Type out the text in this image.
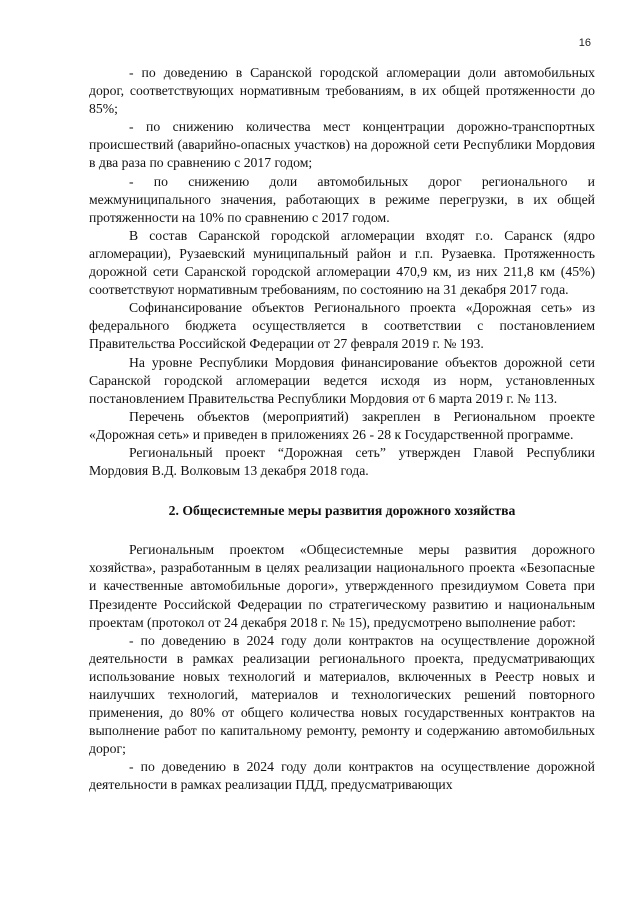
16

- по доведению в Саранской городской агломерации доли автомобильных дорог, соответствующих нормативным требованиям, в их общей протяженности до 85%;

- по снижению количества мест концентрации дорожно-транспортных происшествий (аварийно-опасных участков) на дорожной сети Республики Мордовия в два раза по сравнению с 2017 годом;

- по снижению доли автомобильных дорог регионального и межмуниципального значения, работающих в режиме перегрузки, в их общей протяженности на 10% по сравнению с 2017 годом.

В состав Саранской городской агломерации входят г.о. Саранск (ядро агломерации), Рузаевский муниципальный район и г.п. Рузаевка. Протяженность дорожной сети Саранской городской агломерации 470,9 км, из них 211,8 км (45%) соответствуют нормативным требованиям, по состоянию на 31 декабря 2017 года.

Софинансирование объектов Регионального проекта «Дорожная сеть» из федерального бюджета осуществляется в соответствии с постановлением Правительства Российской Федерации от 27 февраля 2019 г. № 193.

На уровне Республики Мордовия финансирование объектов дорожной сети Саранской городской агломерации ведется исходя из норм, установленных постановлением Правительства Республики Мордовия от 6 марта 2019 г. № 113.

Перечень объектов (мероприятий) закреплен в Региональном проекте «Дорожная сеть» и приведен в приложениях 26 - 28 к Государственной программе.

Региональный проект “Дорожная сеть” утвержден Главой Республики Мордовия В.Д. Волковым 13 декабря 2018 года.

2. Общесистемные меры развития дорожного хозяйства

Региональным проектом «Общесистемные меры развития дорожного хозяйства», разработанным в целях реализации национального проекта «Безопасные и качественные автомобильные дороги», утвержденного президиумом Совета при Президенте Российской Федерации по стратегическому развитию и национальным проектам (протокол от 24 декабря 2018 г. № 15), предусмотрено выполнение работ:

- по доведению в 2024 году доли контрактов на осуществление дорожной деятельности в рамках реализации регионального проекта, предусматривающих использование новых технологий и материалов, включенных в Реестр новых и наилучших технологий, материалов и технологических решений повторного применения, до 80% от общего количества новых государственных контрактов на выполнение работ по капитальному ремонту, ремонту и содержанию автомобильных дорог;

- по доведению в 2024 году доли контрактов на осуществление дорожной деятельности в рамках реализации ПДД, предусматривающих
